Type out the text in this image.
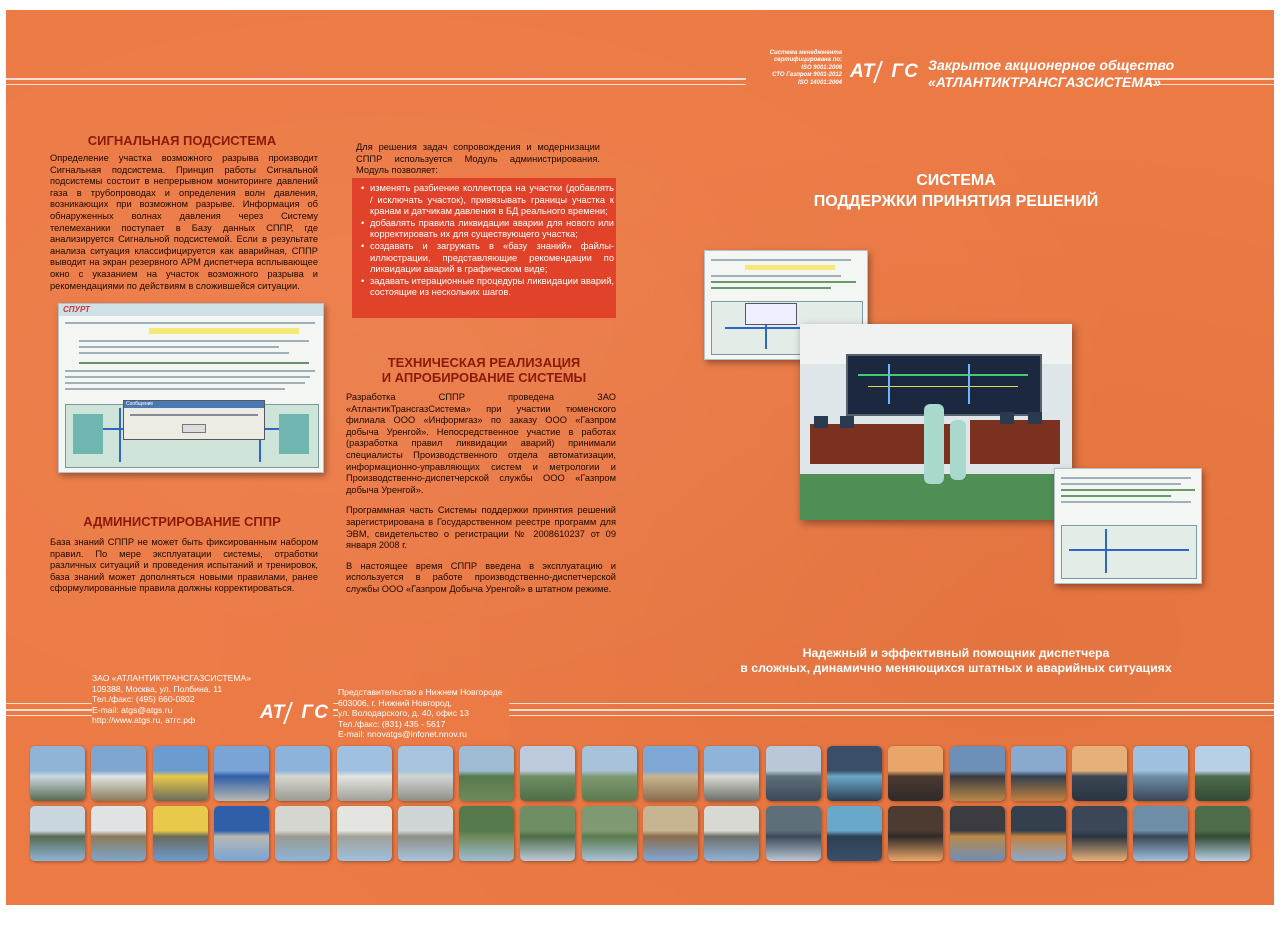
Система менеджмента
сертифицирована по:
ISO 9001:2008
СТО Газпром 9001-2012
ISO 14001:2004
АТ ГС Закрытое акционерное общество
«АТЛАНТИКТРАНСГАЗСИСТЕМА»
СИГНАЛЬНАЯ ПОДСИСТЕМА
Определение участка возможного разрыва производит Сигнальная подсистема. Принцип работы Сигнальной подсистемы состоит в непрерывном мониторинге давлений газа в трубопроводах и определения волн давления, возникающих при возможном разрыве. Информация об обнаруженных волнах давления через Систему телемеханики поступает в Базу данных СППР, где анализируется Сигнальной подсистемой. Если в результате анализа ситуация классифицируется как аварийная, СППР выводит на экран резервного АРМ диспетчера всплывающее окно с указанием на участок возможного разрыва и рекомендациями по действиям в сложившейся ситуации.
СПУРТ
Сообщение
АДМИНИСТРИРОВАНИЕ СППР
База знаний СППР не может быть фиксированным набором правил. По мере эксплуатации системы, отработки различных ситуаций и проведения испытаний и тренировок, база знаний может дополняться новыми правилами, ранее сформулированные правила должны корректироваться.
Для решения задач сопровождения и модернизации СППР используется Модуль администрирования. Модуль позволяет:
• изменять разбиение коллектора на участки (добавлять / исключать участок), привязывать границы участка к кранам и датчикам давления в БД реального времени;
• добавлять правила ликвидации аварии для нового или корректировать их для существующего участка;
• создавать и загружать в «базу знаний» файлы-иллюстрации, представляющие рекомендации по ликвидации аварий в графическом виде;
• задавать итерационные процедуры ликвидации аварий, состоящие из нескольких шагов.
ТЕХНИЧЕСКАЯ РЕАЛИЗАЦИЯ
И АПРОБИРОВАНИЕ СИСТЕМЫ
Разработка СППР проведена ЗАО «АтлантикТрансгазСистема» при участии тюменского филиала ООО «Информгаз» по заказу ООО «Газпром добыча Уренгой». Непосредственное участие в работах (разработка правил ликвидации аварий) принимали специалисты Производственного отдела автоматизации, информационно-управляющих систем и метрологии и Производственно-диспетчерской службы ООО «Газпром добыча Уренгой».
Программная часть Системы поддержки принятия решений зарегистрирована в Государственном реестре программ для ЭВМ, свидетельство о регистрации № 2008610237 от 09 января 2008 г.
В настоящее время СППР введена в эксплуатацию и используется в работе производственно-диспетчерской службы ООО «Газпром Добыча Уренгой» в штатном режиме.
СИСТЕМА
ПОДДЕРЖКИ ПРИНЯТИЯ РЕШЕНИЙ
Надежный и эффективный помощник диспетчера
в сложных, динамично меняющихся штатных и аварийных ситуациях
ЗАО «АТЛАНТИКТРАНСГАЗСИСТЕМА»
109388, Москва, ул. Полбина, 11
Тел./факс: (495) 660-0802
E-mail: atgs@atgs.ru
http://www.atgs.ru, атгс.рф	АТ ГС
Представительство в Нижнем Новгороде
603006, г. Нижний Новгород,
ул. Володарского, д. 40, офис 13
Тел./факс: (831) 435 - 5617
E-mail: nnovatgs@infonet.nnov.ru
